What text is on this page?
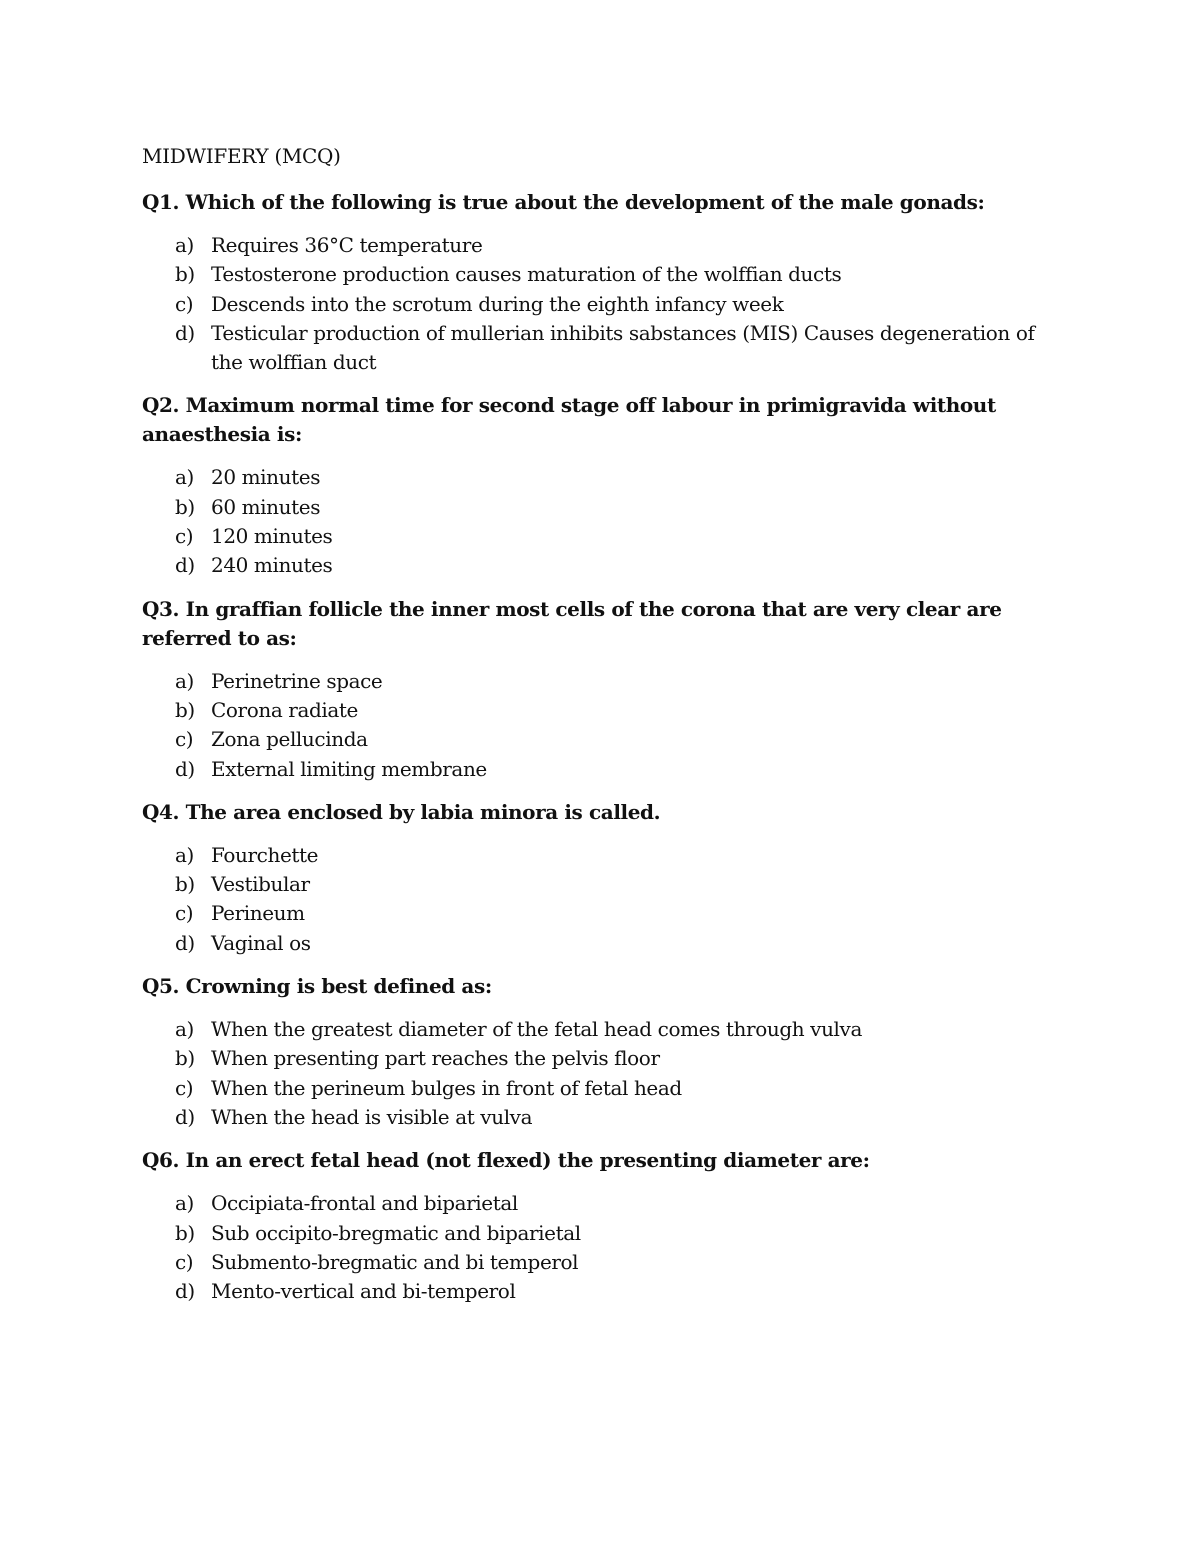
MIDWIFERY (MCQ)
Q1. Which of the following is true about the development of the male gonads:
a) Requires 36°C temperature
b) Testosterone production causes maturation of the wolffian ducts
c) Descends into the scrotum during the eighth infancy week
d) Testicular production of mullerian inhibits sabstances (MIS) Causes degeneration of the wolffian duct
Q2. Maximum normal time for second stage off labour in primigravida without anaesthesia is:
a) 20 minutes
b) 60 minutes
c) 120 minutes
d) 240 minutes
Q3. In graffian follicle the inner most cells of the corona that are very clear are referred to as:
a) Perinetrine space
b) Corona radiate
c) Zona pellucinda
d) External limiting membrane
Q4. The area enclosed by labia minora is called.
a) Fourchette
b) Vestibular
c) Perineum
d) Vaginal os
Q5. Crowning is best defined as:
a) When the greatest diameter of the fetal head comes through vulva
b) When presenting part reaches the pelvis floor
c) When the perineum bulges in front of fetal head
d) When the head is visible at vulva
Q6. In an erect fetal head (not flexed) the presenting diameter are:
a) Occipiata-frontal and biparietal
b) Sub occipito-bregmatic and biparietal
c) Submento-bregmatic and bi temperol
d) Mento-vertical and bi-temperol
